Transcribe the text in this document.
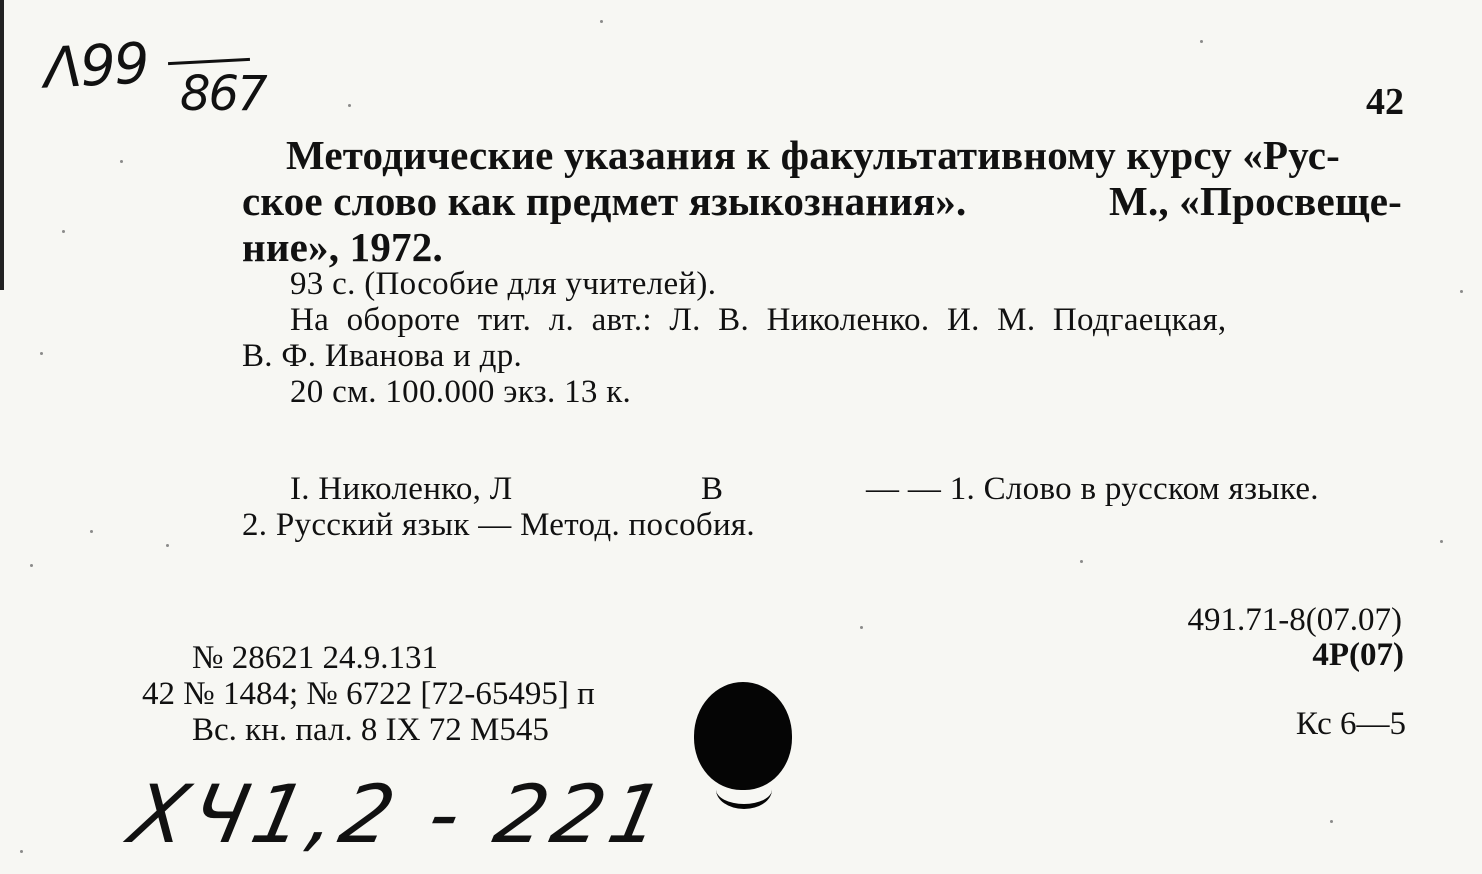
Λ99 867	42
Методические указания к факультативному курсу «Рус-
ское слово как предмет языкознания».	М., «Просвеще-
ние», 1972.
93 с. (Пособие для учителей).
На обороте тит. л. авт.: Л. В. Николенко. И. М. Подгаецкая,
В. Ф. Иванова и др.
20 см. 100.000 экз. 13 к.
I. Николенко, Л	В	— — 1. Слово в русском языке.
2. Русский язык — Метод. пособия.
491.71-8(07.07)
4Р(07)
№ 28621 24.9.131
42 № 1484; № 6722 [72-65495] п
Вс. кн. пал. 8 IX 72 М545	Кс 6—5
ХЧ1,2 - 221
